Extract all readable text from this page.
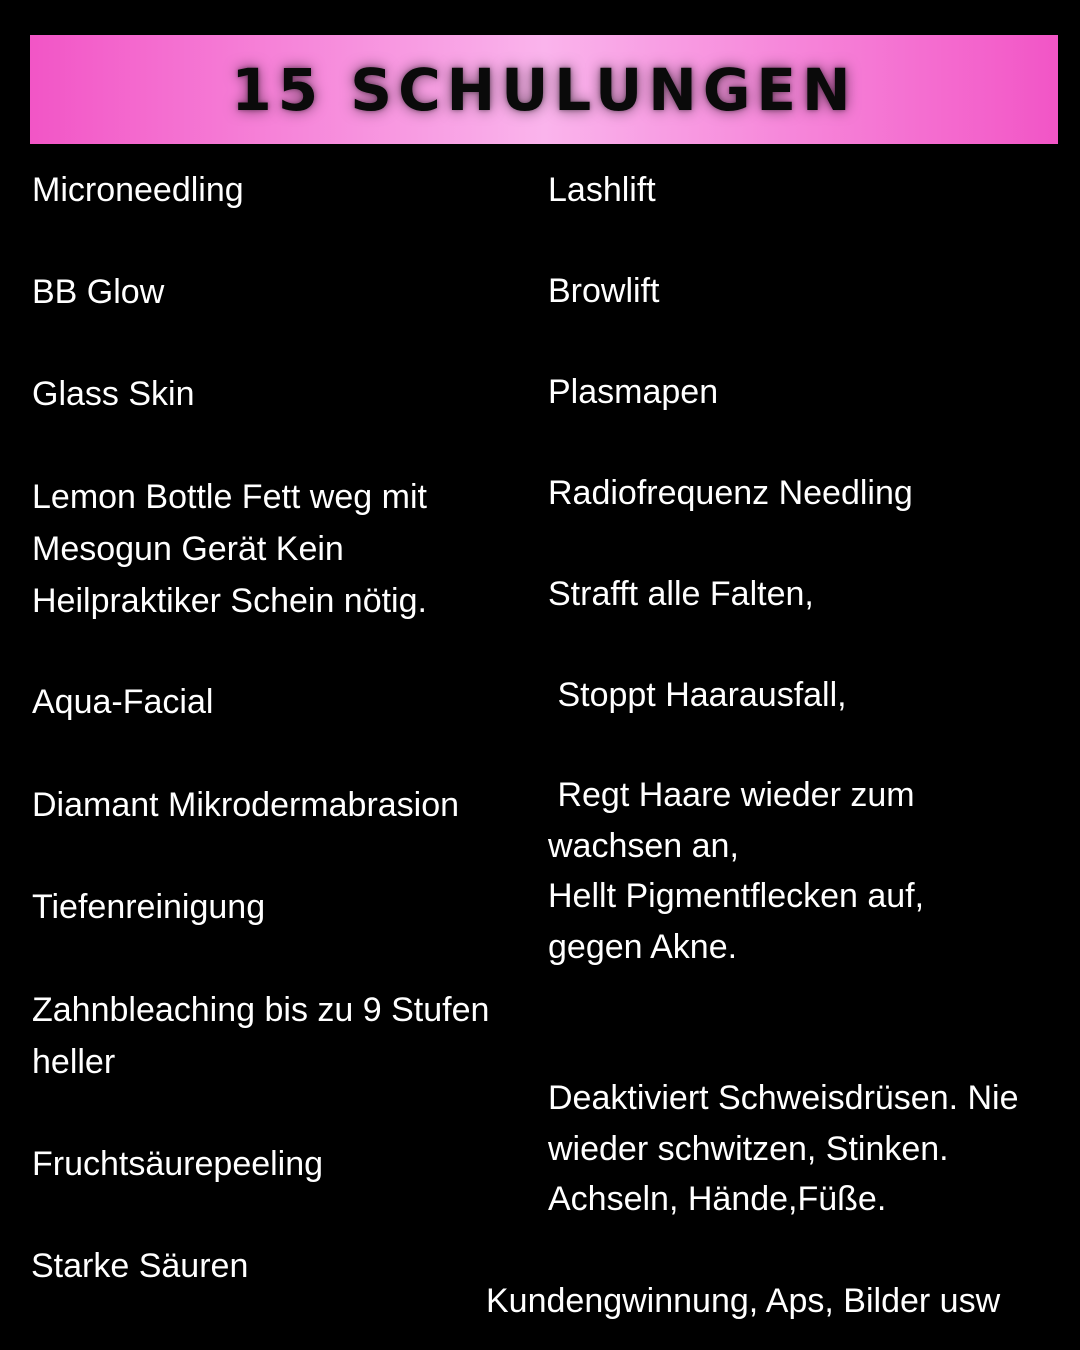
15 SCHULUNGEN
Microneedling
BB Glow
Glass Skin
Lemon Bottle Fett weg mit
Mesogun Gerät Kein
Heilpraktiker Schein nötig.
Aqua-Facial
Diamant Mikrodermabrasion
Tiefenreinigung
Zahnbleaching bis zu 9 Stufen
heller
Fruchtsäurepeeling
Starke Säuren
Lashlift
Browlift
Plasmapen
Radiofrequenz Needling
Strafft alle Falten,
Stoppt Haarausfall,
Regt Haare wieder zum
wachsen an,
Hellt Pigmentflecken auf,
gegen Akne.
Deaktiviert Schweisdrüsen. Nie
wieder schwitzen, Stinken.
Achseln, Hände,Füße.
Kundengwinnung, Aps, Bilder usw
